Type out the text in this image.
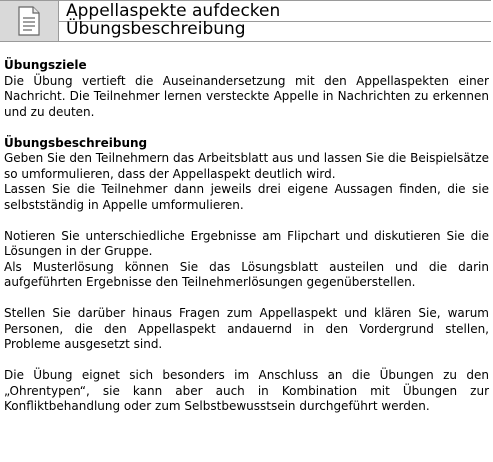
Appellaspekte aufdecken
Übungsbeschreibung
Übungsziele

Die Übung vertieft die Auseinandersetzung mit den Appellaspekten einer Nachricht. Die Teilnehmer lernen versteckte Appelle in Nachrichten zu erkennen und zu deuten.

Übungsbeschreibung

Geben Sie den Teilnehmern das Arbeitsblatt aus und lassen Sie die Beispielsätze so umformulieren, dass der Appellaspekt deutlich wird.

Lassen Sie die Teilnehmer dann jeweils drei eigene Aussagen finden, die sie selbstständig in Appelle umformulieren.

Notieren Sie unterschiedliche Ergebnisse am Flipchart und diskutieren Sie die Lösungen in der Gruppe.

Als Musterlösung können Sie das Lösungsblatt austeilen und die darin aufgeführten Ergebnisse den Teilnehmerlösungen gegenüberstellen.

Stellen Sie darüber hinaus Fragen zum Appellaspekt und klären Sie, warum Personen, die den Appellaspekt andauernd in den Vordergrund stellen, Probleme ausgesetzt sind.

Die Übung eignet sich besonders im Anschluss an die Übungen zu den „Ohrentypen“, sie kann aber auch in Kombination mit Übungen zur Konfliktbehandlung oder zum Selbstbewusstsein durchgeführt werden.
